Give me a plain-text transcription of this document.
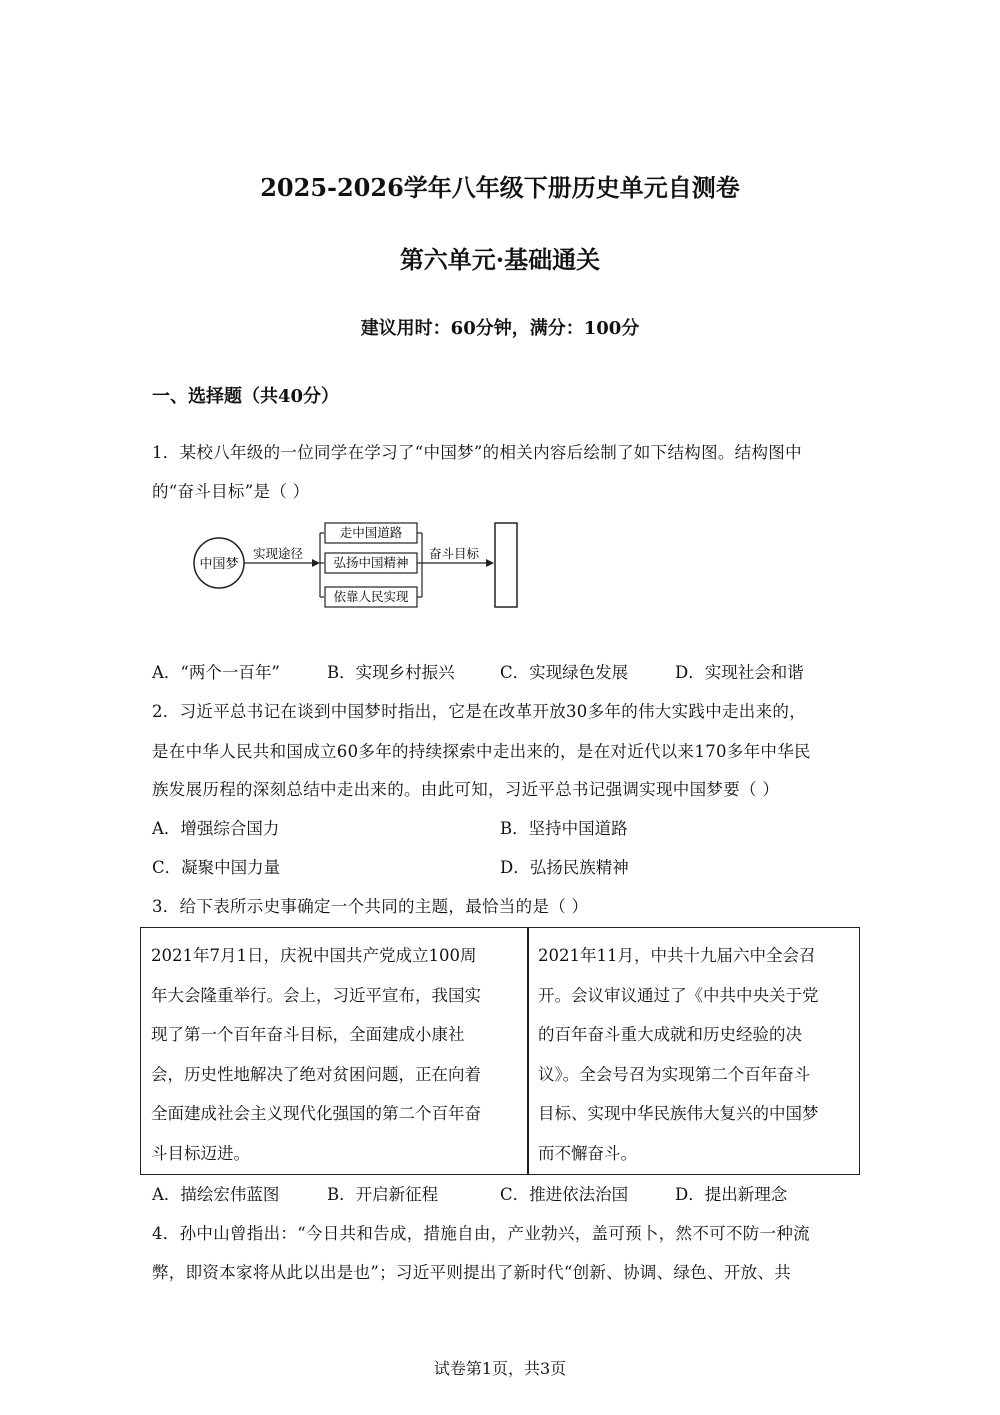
2025-2026学年八年级下册历史单元自测卷
第六单元·基础通关
建议用时：60分钟，满分：100分
一、选择题（共40分）
1．某校八年级的一位同学在学习了“中国梦”的相关内容后绘制了如下结构图。结构图中
的“奋斗目标”是（ ）
中国梦
实现途径
走中国道路
弘扬中国精神
依靠人民实现
奋斗目标
A．“两个一百年”	B．实现乡村振兴	C．实现绿色发展	D．实现社会和谐
2．习近平总书记在谈到中国梦时指出，它是在改革开放30多年的伟大实践中走出来的，
是在中华人民共和国成立60多年的持续探索中走出来的，是在对近代以来170多年中华民
族发展历程的深刻总结中走出来的。由此可知，习近平总书记强调实现中国梦要（ ）
A．增强综合国力	B．坚持中国道路
C．凝聚中国力量	D．弘扬民族精神
3．给下表所示史事确定一个共同的主题，最恰当的是（ ）
2021年7月1日，庆祝中国共产党成立100周
年大会隆重举行。会上，习近平宣布，我国实
现了第一个百年奋斗目标，全面建成小康社
会，历史性地解决了绝对贫困问题，正在向着
全面建成社会主义现代化强国的第二个百年奋
斗目标迈进。
2021年11月，中共十九届六中全会召
开。会议审议通过了《中共中央关于党
的百年奋斗重大成就和历史经验的决
议》。全会号召为实现第二个百年奋斗
目标、实现中华民族伟大复兴的中国梦
而不懈奋斗。
A．描绘宏伟蓝图	B．开启新征程	C．推进依法治国	D．提出新理念
4．孙中山曾指出：“今日共和告成，措施自由，产业勃兴，盖可预卜，然不可不防一种流
弊，即资本家将从此以出是也”；习近平则提出了新时代“创新、协调、绿色、开放、共
试卷第1页，共3页
